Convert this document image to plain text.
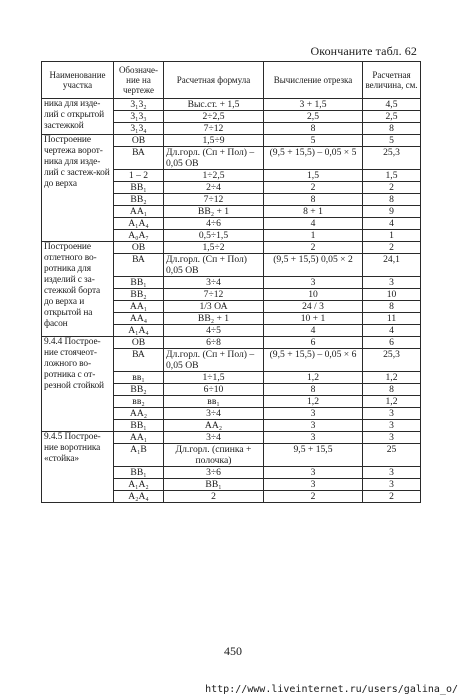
Окончаните табл. 62
Наименование участка	Обозначе-ние на чертеже	Расчетная формула	Вычисление отрезка	Расчетная величина, см.
ника для изде-лий с открытой застежкой	3₁3₂	Выс.ст. + 1,5	3 + 1,5	4,5
	3₁3₃	2÷2,5	2,5	2,5
	3₁3₄	7÷12	8	8
Построение чертежа ворот-ника для изде-лий с застеж-кой до верха	ОВ	1,5÷9	5	5
	ВА	Дл.горл. (Сп + Пол) – 0,05 ОВ	(9,5 + 15,5) – 0,05 × 5	25,3
	1 – 2	1÷2,5	1,5	1,5
	ВВ₁	2÷4	2	2
	ВВ₂	7÷12	8	8
	АА₁	ВВ₂ + 1	8 + 1	9
	А₁А₄	4÷6	4	4
	А₀А₇	0,5÷1,5	1	1
Построение отлетного во-ротника для изделий с за-стежкой борта до верха и открытой на фасон	ОВ	1,5÷2	2	2
	ВА	Дл.горл. (Сп + Пол) 0,05 ОВ	(9,5 + 15,5) 0,05 × 2	24,1
	ВВ₁	3÷4	3	3
	ВВ₂	7÷12	10	10
	АА₁	1/3 ОА	24 / 3	8
	АА₄	ВВ₂ + 1	10 + 1	11
	А₁А₄	4÷5	4	4
9.4.4 Построе-ние стоячеот-ложного во-ротника с от-резной стойкой	ОВ	6÷8	6	6
	ВА	Дл.горл. (Сп + Пол) – 0,05 ОВ	(9,5 + 15,5) – 0,05 × 6	25,3
	вв₁	1÷1,5	1,2	1,2
	ВВ₂	6÷10	8	8
	вв₂	вв₁	1,2	1,2
	АА₂	3÷4	3	3
	ВВ₁	АА₂	3	3
9.4.5 Построе-ние воротника «стойка»	АА₁	3÷4	3	3
	А₁В	Дл.горл. (спинка + полочка)	9,5 + 15,5	25
	ВВ₁	3÷6	3	3
	А₁А₂	ВВ₁	3	3
	А₂А₄	2	2	2
450
http://www.liveinternet.ru/users/galina_o/
